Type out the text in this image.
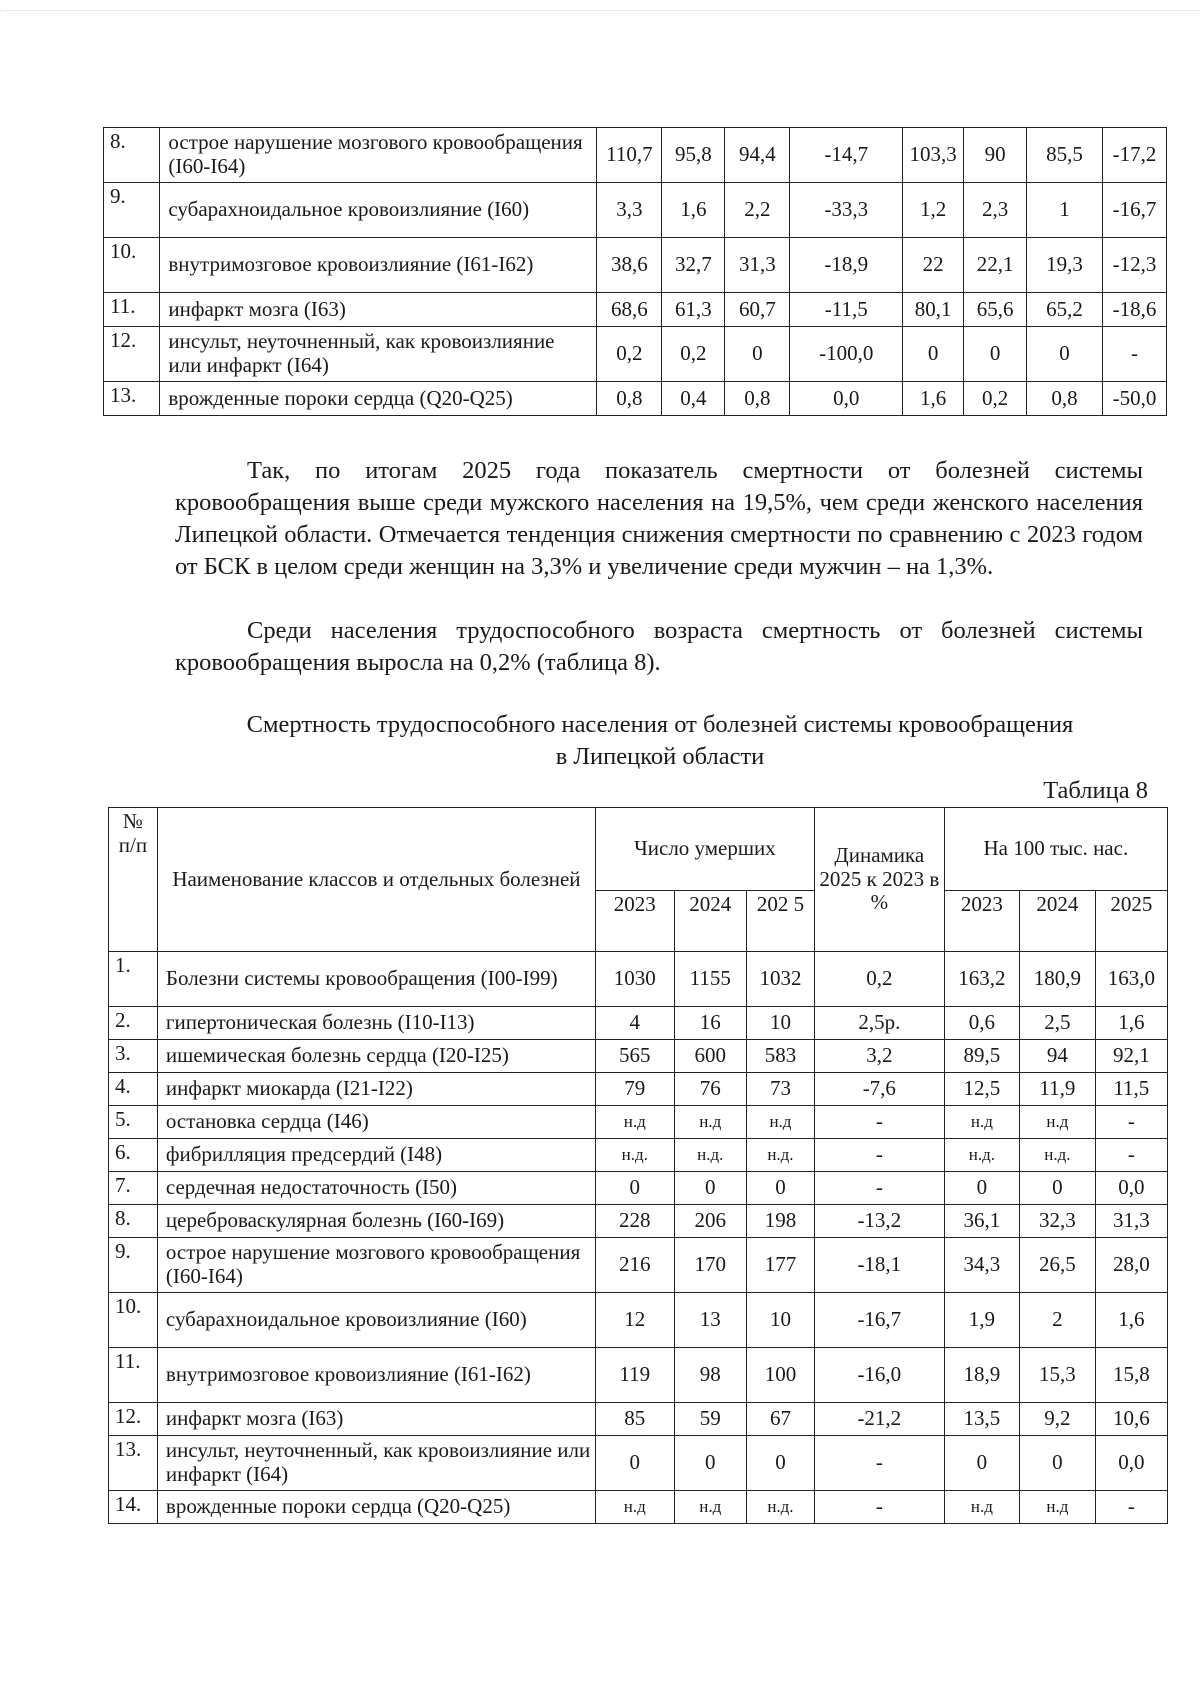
8.	острое нарушение мозгового кровообращения (I60-I64)	110,7	95,8	94,4	-14,7	103,3	90	85,5	-17,2
9.	субарахноидальное кровоизлияние (I60)	3,3	1,6	2,2	-33,3	1,2	2,3	1	-16,7
10.	внутримозговое кровоизлияние (I61-I62)	38,6	32,7	31,3	-18,9	22	22,1	19,3	-12,3
11.	инфаркт мозга (I63)	68,6	61,3	60,7	-11,5	80,1	65,6	65,2	-18,6
12.	инсульт, неуточненный, как кровоизлияние или инфаркт (I64)	0,2	0,2	0	-100,0	0	0	0	-
13.	врожденные пороки сердца (Q20-Q25)	0,8	0,4	0,8	0,0	1,6	0,2	0,8	-50,0

Так, по итогам 2025 года показатель смертности от болезней системы кровообращения выше среди мужского населения на 19,5%, чем среди женского населения Липецкой области. Отмечается тенденция снижения смертности по сравнению с 2023 годом от БСК в целом среди женщин на 3,3% и увеличение среди мужчин – на 1,3%.

Среди населения трудоспособного возраста смертность от болезней системы кровообращения выросла на 0,2% (таблица 8).

Смертность трудоспособного населения от болезней системы кровообращения

в Липецкой области

Таблица 8

№ п/п	Наименование классов и отдельных болезней	Число умерших			Динамика 2025 к 2023 в %	На 100 тыс. нас.		
		2023	2024	202 5		2023	2024	2025
1.	Болезни системы кровообращения (I00-I99)	1030	1155	1032	0,2	163,2	180,9	163,0
2.	гипертоническая болезнь (I10-I13)	4	16	10	2,5р.	0,6	2,5	1,6
3.	ишемическая болезнь сердца (I20-I25)	565	600	583	3,2	89,5	94	92,1
4.	инфаркт миокарда (I21-I22)	79	76	73	-7,6	12,5	11,9	11,5
5.	остановка сердца (I46)	н.д	н.д	н.д	-	н.д	н.д	-
6.	фибрилляция предсердий (I48)	н.д.	н.д.	н.д.	-	н.д.	н.д.	-
7.	сердечная недостаточность (I50)	0	0	0	-	0	0	0,0
8.	цереброваскулярная болезнь (I60-I69)	228	206	198	-13,2	36,1	32,3	31,3
9.	острое нарушение мозгового кровообращения (I60-I64)	216	170	177	-18,1	34,3	26,5	28,0
10.	субарахноидальное кровоизлияние (I60)	12	13	10	-16,7	1,9	2	1,6
11.	внутримозговое кровоизлияние (I61-I62)	119	98	100	-16,0	18,9	15,3	15,8
12.	инфаркт мозга (I63)	85	59	67	-21,2	13,5	9,2	10,6
13.	инсульт, неуточненный, как кровоизлияние или инфаркт (I64)	0	0	0	-	0	0	0,0
14.	врожденные пороки сердца (Q20-Q25)	н.д	н.д	н.д.	-	н.д	н.д	-
